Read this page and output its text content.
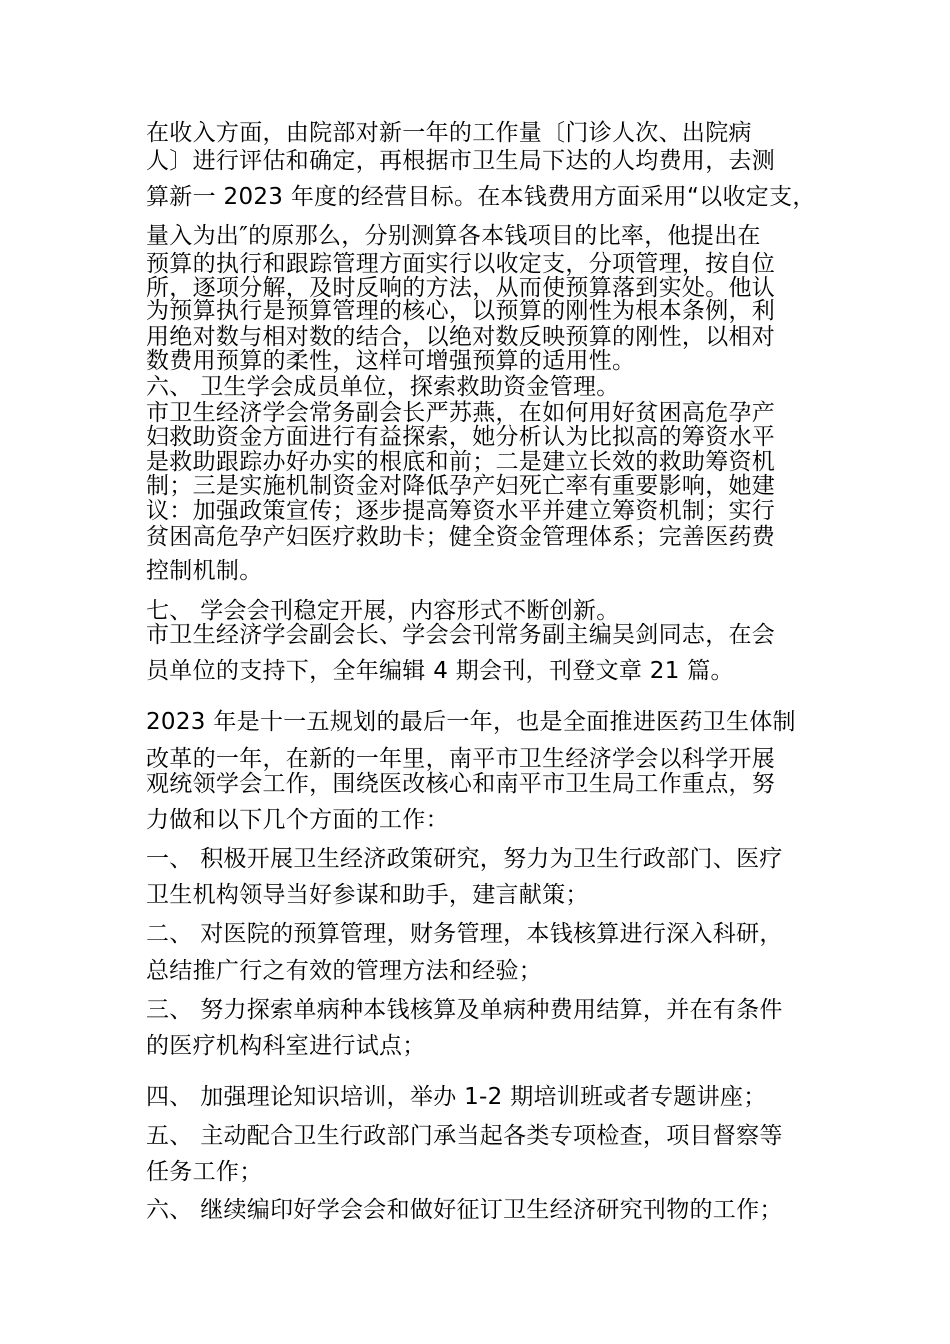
在收入方面，由院部对新一年的工作量〔门诊人次、出院病
人〕进行评估和确定，再根据市卫生局下达的人均费用，去测
算新一 2023 年度的经营目标。在本钱费用方面采用“以收定支，
量入为出″的原那么，分别测算各本钱项目的比率，他提出在
预算的执行和跟踪管理方面实行以收定支，分项管理，按自位
所，逐项分解，及时反响的方法，从而使预算落到实处。他认
为预算执行是预算管理的核心，以预算的刚性为根本条例，利
用绝对数与相对数的结合，以绝对数反映预算的刚性，以相对
数费用预算的柔性，这样可增强预算的适用性。
六、 卫生学会成员单位，探索救助资金管理。
市卫生经济学会常务副会长严苏燕，在如何用好贫困高危孕产
妇救助资金方面进行有益探索，她分析认为比拟高的筹资水平
是救助跟踪办好办实的根底和前；二是建立长效的救助筹资机
制；三是实施机制资金对降低孕产妇死亡率有重要影响，她建
议：加强政策宣传；逐步提高筹资水平并建立筹资机制；实行
贫困高危孕产妇医疗救助卡；健全资金管理体系；完善医药费
控制机制。
七、 学会会刊稳定开展，内容形式不断创新。
市卫生经济学会副会长、学会会刊常务副主编吴剑同志，在会
员单位的支持下，全年编辑 4 期会刊，刊登文章 21 篇。
2023 年是十一五规划的最后一年，也是全面推进医药卫生体制
改革的一年，在新的一年里，南平市卫生经济学会以科学开展
观统领学会工作，围绕医改核心和南平市卫生局工作重点，努
力做和以下几个方面的工作：
一、 积极开展卫生经济政策研究，努力为卫生行政部门、医疗
卫生机构领导当好参谋和助手，建言献策；
二、 对医院的预算管理，财务管理，本钱核算进行深入科研，
总结推广行之有效的管理方法和经验；
三、 努力探索单病种本钱核算及单病种费用结算，并在有条件
的医疗机构科室进行试点；
四、 加强理论知识培训，举办 1-2 期培训班或者专题讲座；
五、 主动配合卫生行政部门承当起各类专项检查，项目督察等
任务工作；
六、 继续编印好学会会和做好征订卫生经济研究刊物的工作；
